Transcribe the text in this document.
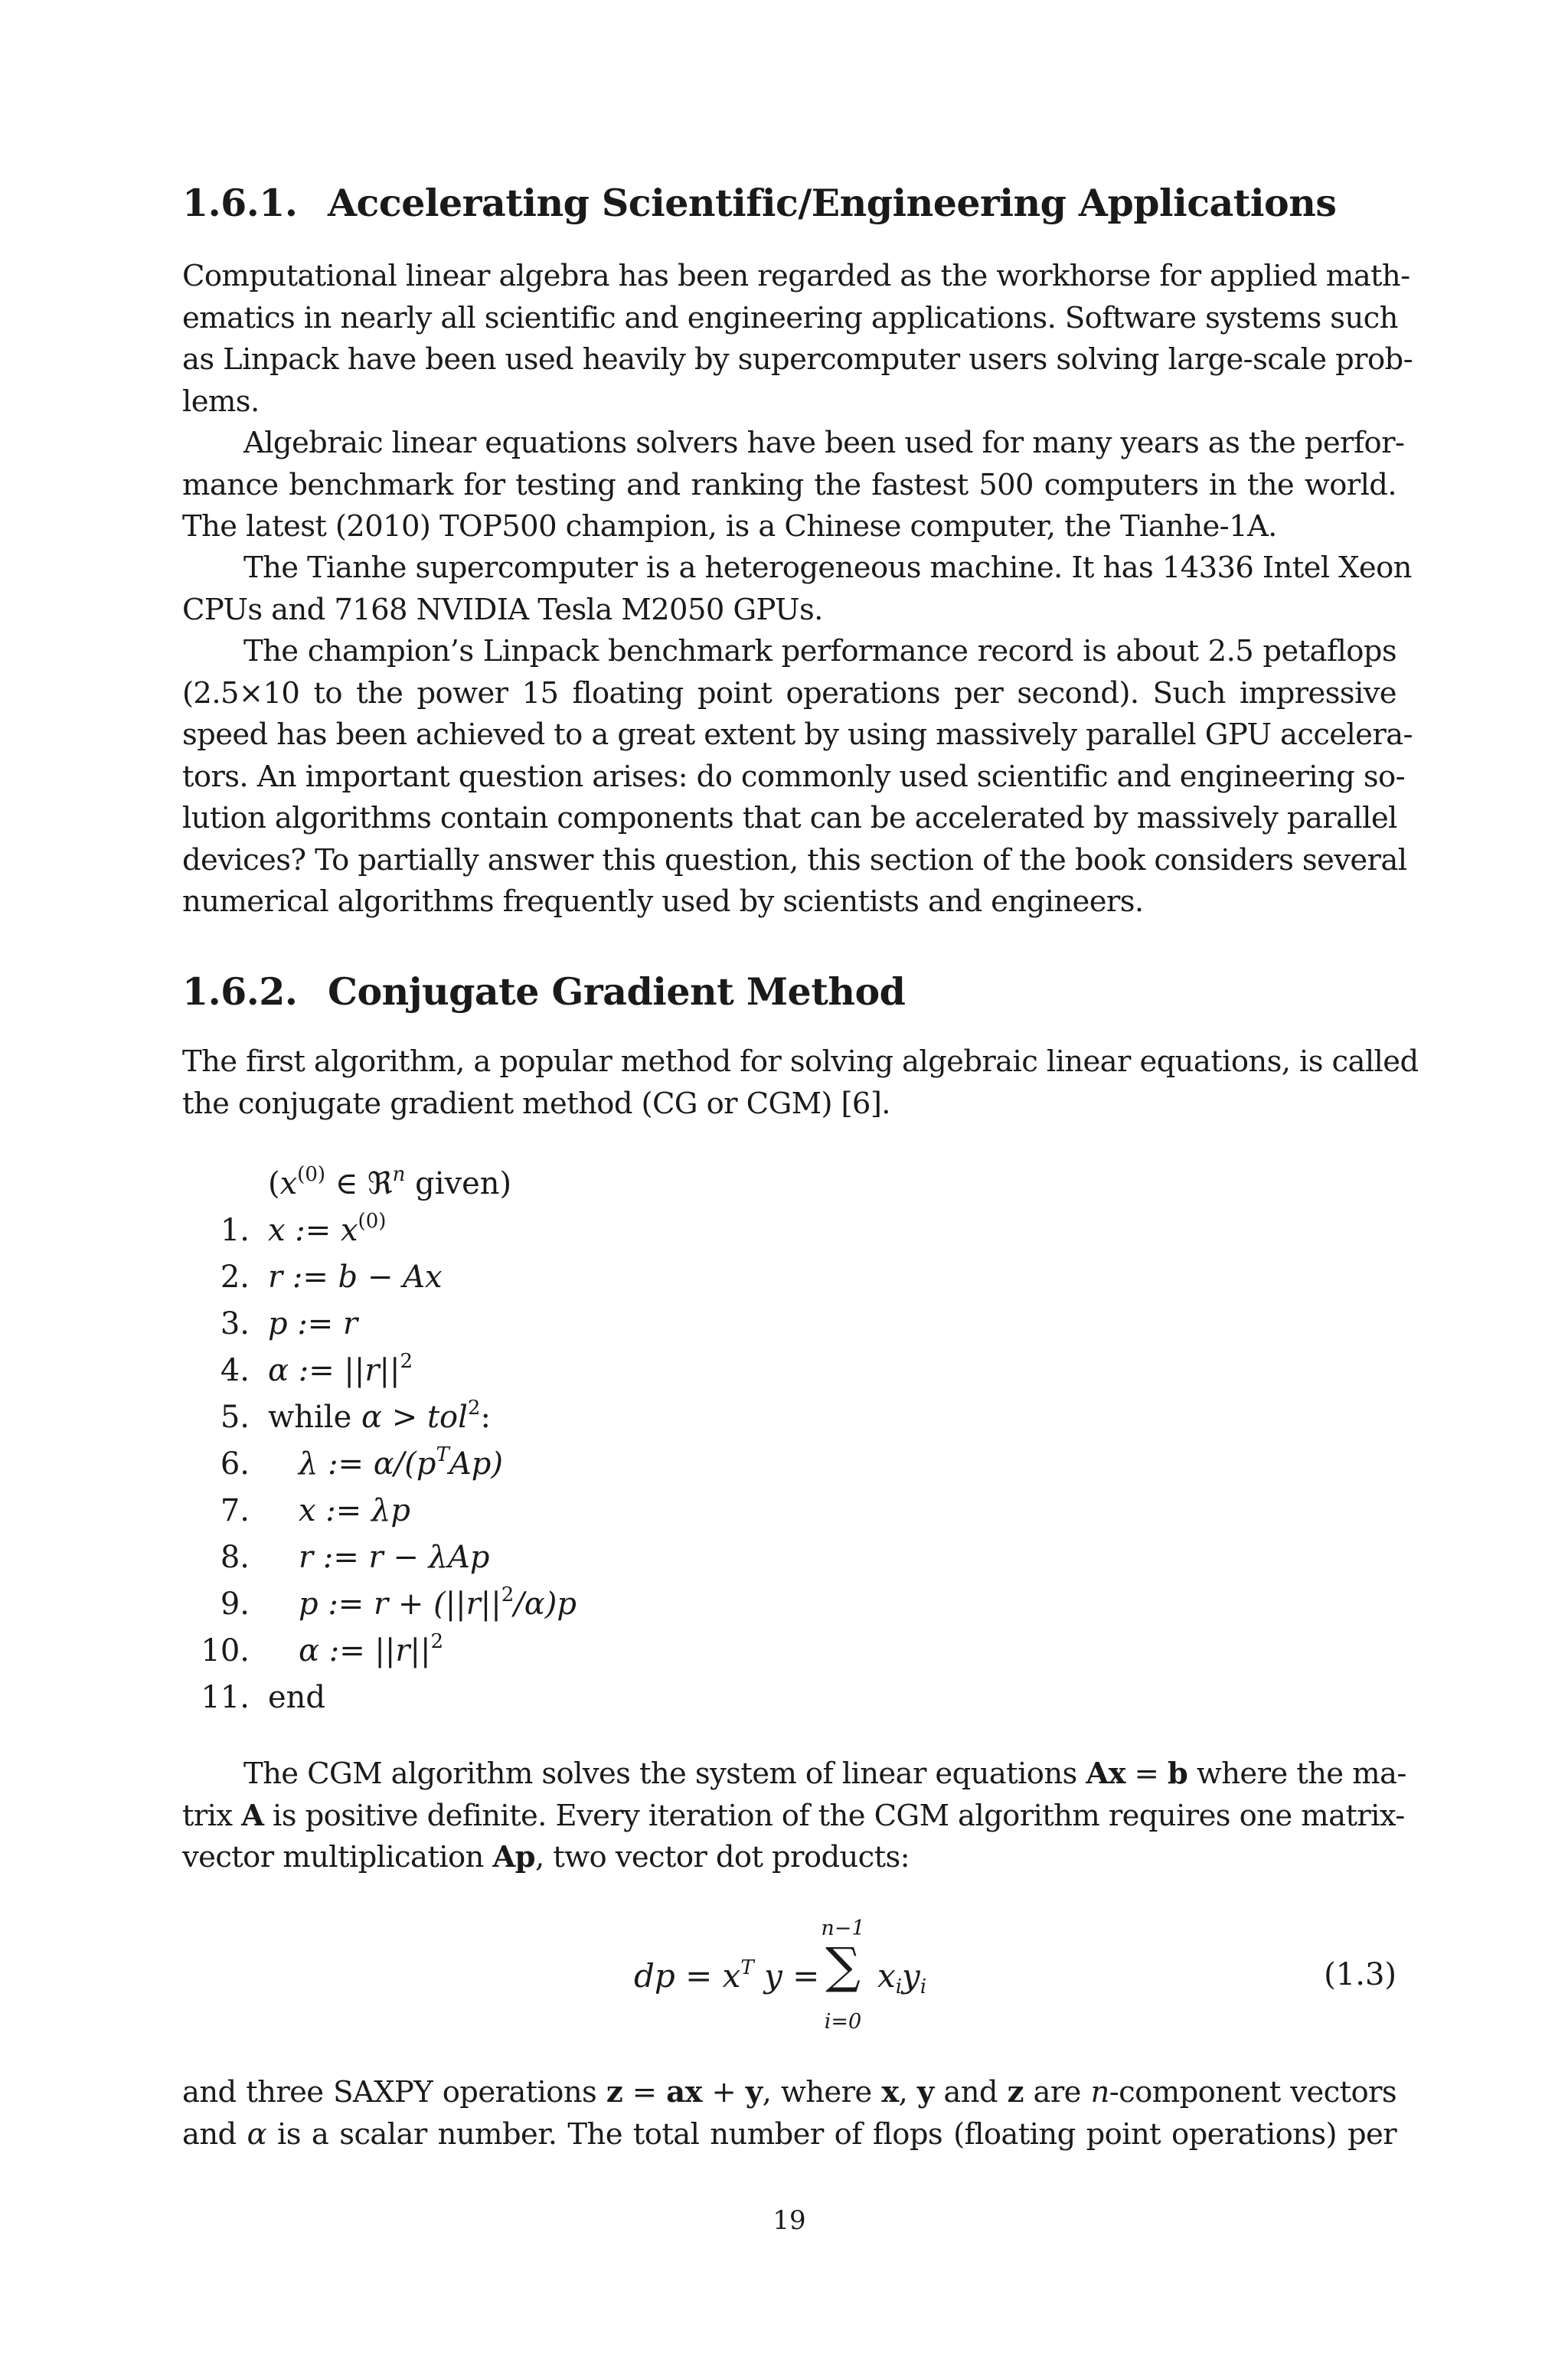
1.6.1. Accelerating Scientific/Engineering Applications
Computational linear algebra has been regarded as the workhorse for applied math-
ematics in nearly all scientific and engineering applications. Software systems such
as Linpack have been used heavily by supercomputer users solving large-scale prob-
lems.
Algebraic linear equations solvers have been used for many years as the perfor-
mance benchmark for testing and ranking the fastest 500 computers in the world.
The latest (2010) TOP500 champion, is a Chinese computer, the Tianhe-1A.
The Tianhe supercomputer is a heterogeneous machine. It has 14336 Intel Xeon
CPUs and 7168 NVIDIA Tesla M2050 GPUs.
The champion’s Linpack benchmark performance record is about 2.5 petaflops
(2.5×10 to the power 15 floating point operations per second). Such impressive
speed has been achieved to a great extent by using massively parallel GPU accelera-
tors. An important question arises: do commonly used scientific and engineering so-
lution algorithms contain components that can be accelerated by massively parallel
devices? To partially answer this question, this section of the book considers several
numerical algorithms frequently used by scientists and engineers.
1.6.2. Conjugate Gradient Method
The first algorithm, a popular method for solving algebraic linear equations, is called
the conjugate gradient method (CG or CGM) [6].
($x^{(0)}$ ∈ ℜ$^n$ given)
1. x := $x^{(0)}$
2. r := b − Ax
3. p := r
4. α := $||r||^2$
5. while α > tol$^2$:
6. λ := $\alpha/(p^TAp)$
7. x := λp
8. r := r − λAp
9. p := $r + (||r||^2/\alpha)p$
10. α := $||r||^2$
11. end
The CGM algorithm solves the system of linear equations Ax = b where the ma-
trix A is positive definite. Every iteration of the CGM algorithm requires one matrix-
vector multiplication Ap, two vector dot products:
dp = $x^T$ y =
n−1
∑
i=0
$x_iy_i$	(1.3)
and three SAXPY operations z = ax + y, where x, y and z are n-component vectors
and α is a scalar number. The total number of flops (floating point operations) per
19
